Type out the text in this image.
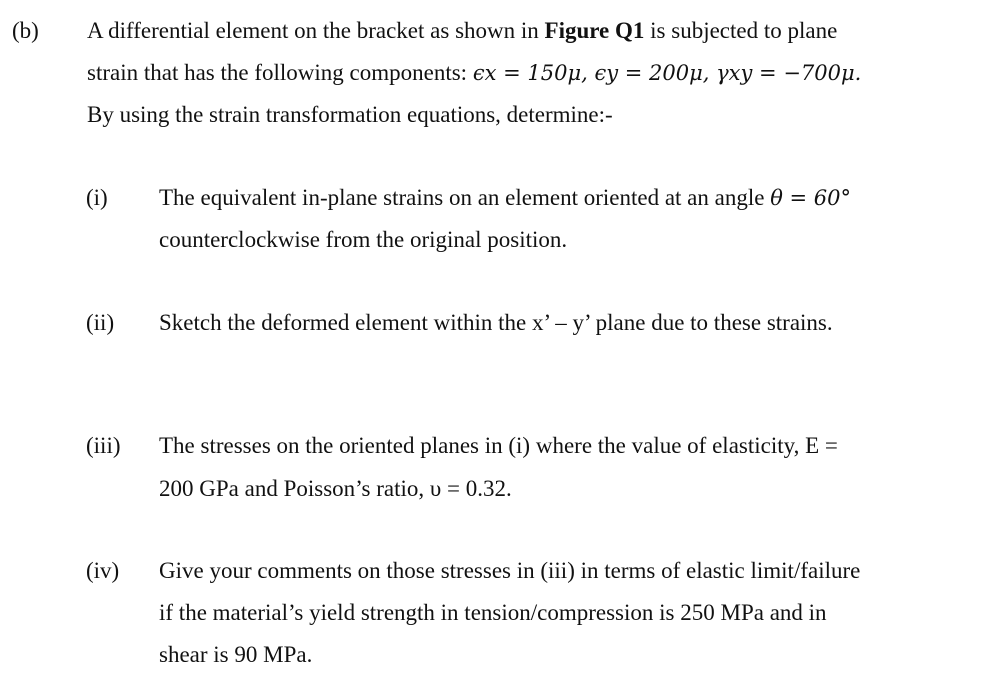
(b) A differential element on the bracket as shown in Figure Q1 is subjected to plane
strain that has the following components: ϵx = 150μ, ϵy = 200μ, γxy = −700μ.
By using the strain transformation equations, determine:-
(i) The equivalent in-plane strains on an element oriented at an angle θ = 60°
counterclockwise from the original position.
(ii) Sketch the deformed element within the x’ – y’ plane due to these strains.
(iii) The stresses on the oriented planes in (i) where the value of elasticity, E =
200 GPa and Poisson’s ratio, υ = 0.32.
(iv) Give your comments on those stresses in (iii) in terms of elastic limit/failure
if the material’s yield strength in tension/compression is 250 MPa and in
shear is 90 MPa.
